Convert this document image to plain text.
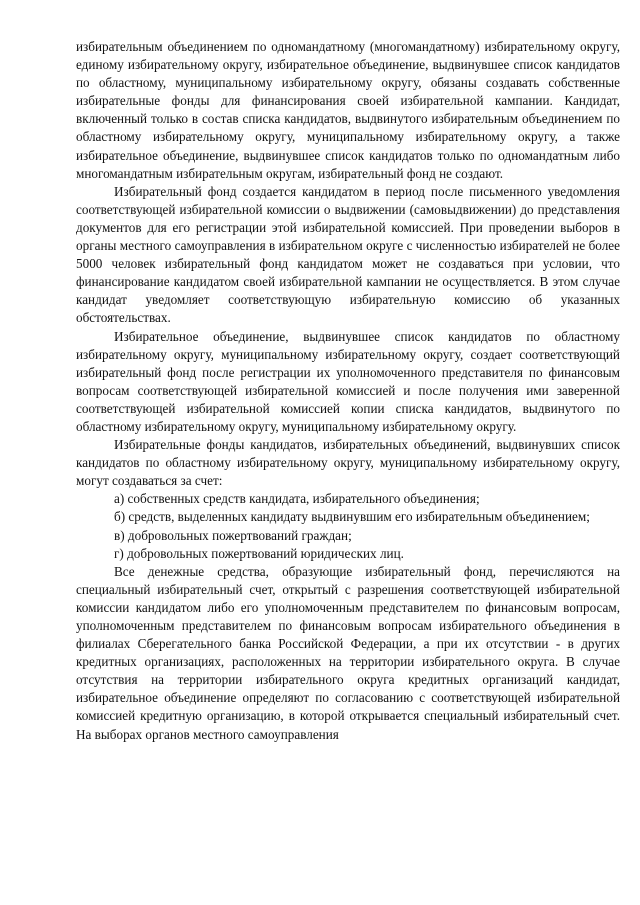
избирательным объединением по одномандатному (многомандатному) избирательному округу, единому избирательному округу, избирательное объединение, выдвинувшее список кандидатов по областному, муниципальному избирательному округу, обязаны создавать собственные избирательные фонды для финансирования своей избирательной кампании. Кандидат, включенный только в состав списка кандидатов, выдвинутого избирательным объединением по областному избирательному округу, муниципальному избирательному округу, а также избирательное объединение, выдвинувшее список кандидатов только по одномандатным либо многомандатным избирательным округам, избирательный фонд не создают.

Избирательный фонд создается кандидатом в период после письменного уведомления соответствующей избирательной комиссии о выдвижении (самовыдвижении) до представления документов для его регистрации этой избирательной комиссией. При проведении выборов в органы местного самоуправления в избирательном округе с численностью избирателей не более 5000 человек избирательный фонд кандидатом может не создаваться при условии, что финансирование кандидатом своей избирательной кампании не осуществляется. В этом случае кандидат уведомляет соответствующую избирательную комиссию об указанных обстоятельствах.

Избирательное объединение, выдвинувшее список кандидатов по областному избирательному округу, муниципальному избирательному округу, создает соответствующий избирательный фонд после регистрации их уполномоченного представителя по финансовым вопросам соответствующей избирательной комиссией и после получения ими заверенной соответствующей избирательной комиссией копии списка кандидатов, выдвинутого по областному избирательному округу, муниципальному избирательному округу.

Избирательные фонды кандидатов, избирательных объединений, выдвинувших список кандидатов по областному избирательному округу, муниципальному избирательному округу, могут создаваться за счет:

а) собственных средств кандидата, избирательного объединения;

б) средств, выделенных кандидату выдвинувшим его избирательным объединением;

в) добровольных пожертвований граждан;

г) добровольных пожертвований юридических лиц.

Все денежные средства, образующие избирательный фонд, перечисляются на специальный избирательный счет, открытый с разрешения соответствующей избирательной комиссии кандидатом либо его уполномоченным представителем по финансовым вопросам, уполномоченным представителем по финансовым вопросам избирательного объединения в филиалах Сберегательного банка Российской Федерации, а при их отсутствии - в других кредитных организациях, расположенных на территории избирательного округа. В случае отсутствия на территории избирательного округа кредитных организаций кандидат, избирательное объединение определяют по согласованию с соответствующей избирательной комиссией кредитную организацию, в которой открывается специальный избирательный счет. На выборах органов местного самоуправления
